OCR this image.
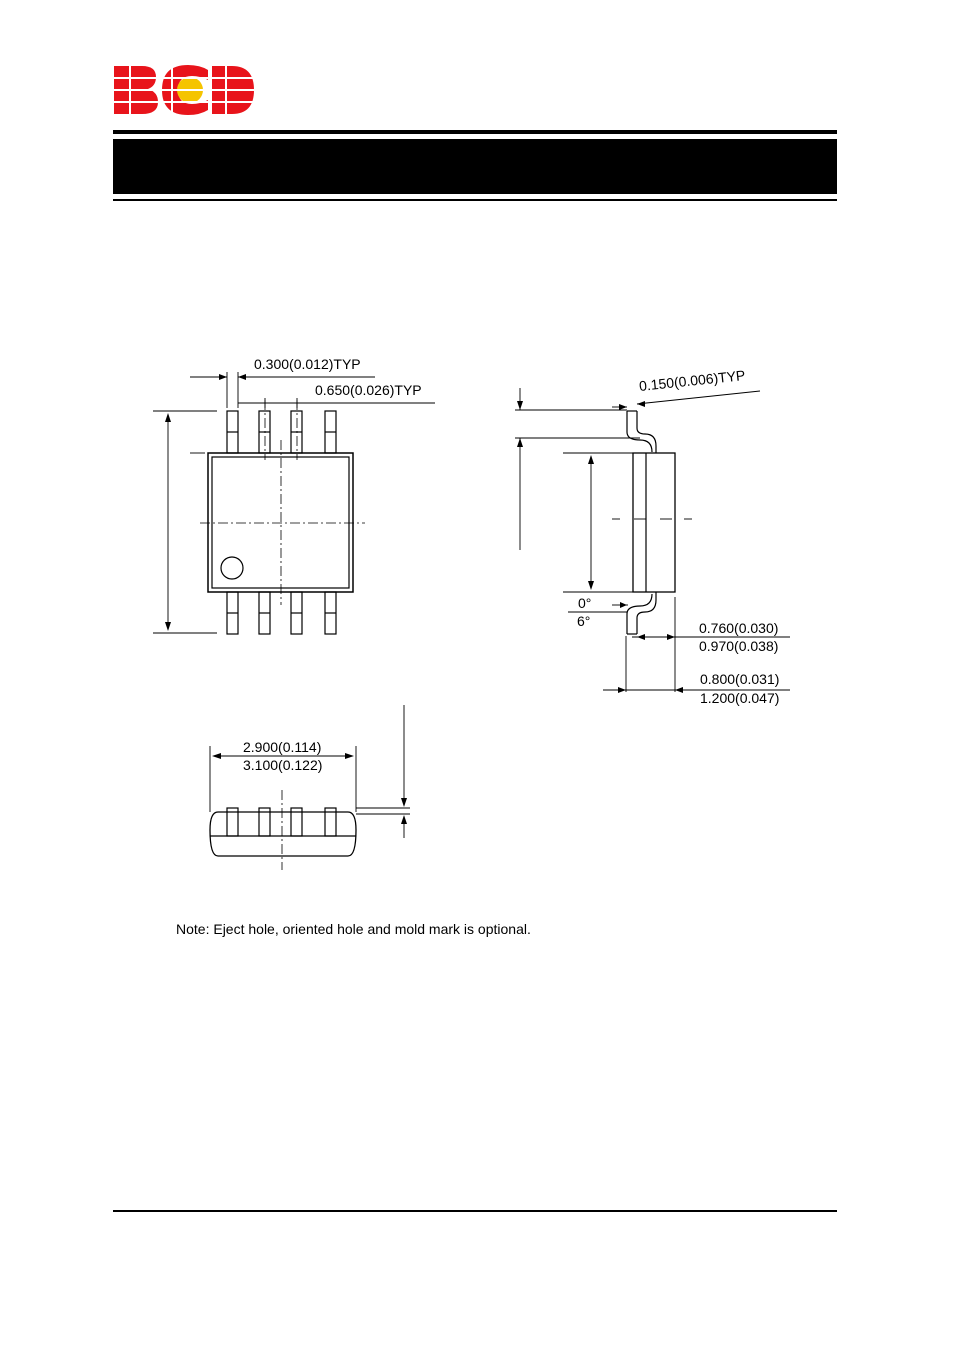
0.300(0.012)TYP
0.650(0.026)TYP	0.150(0.006)TYP
0°
6°	0.760(0.030)
0.970(0.038)
0.800(0.031)
1.200(0.047)
2.900(0.114)
3.100(0.122)
Note: Eject hole, oriented hole and mold mark is optional.
